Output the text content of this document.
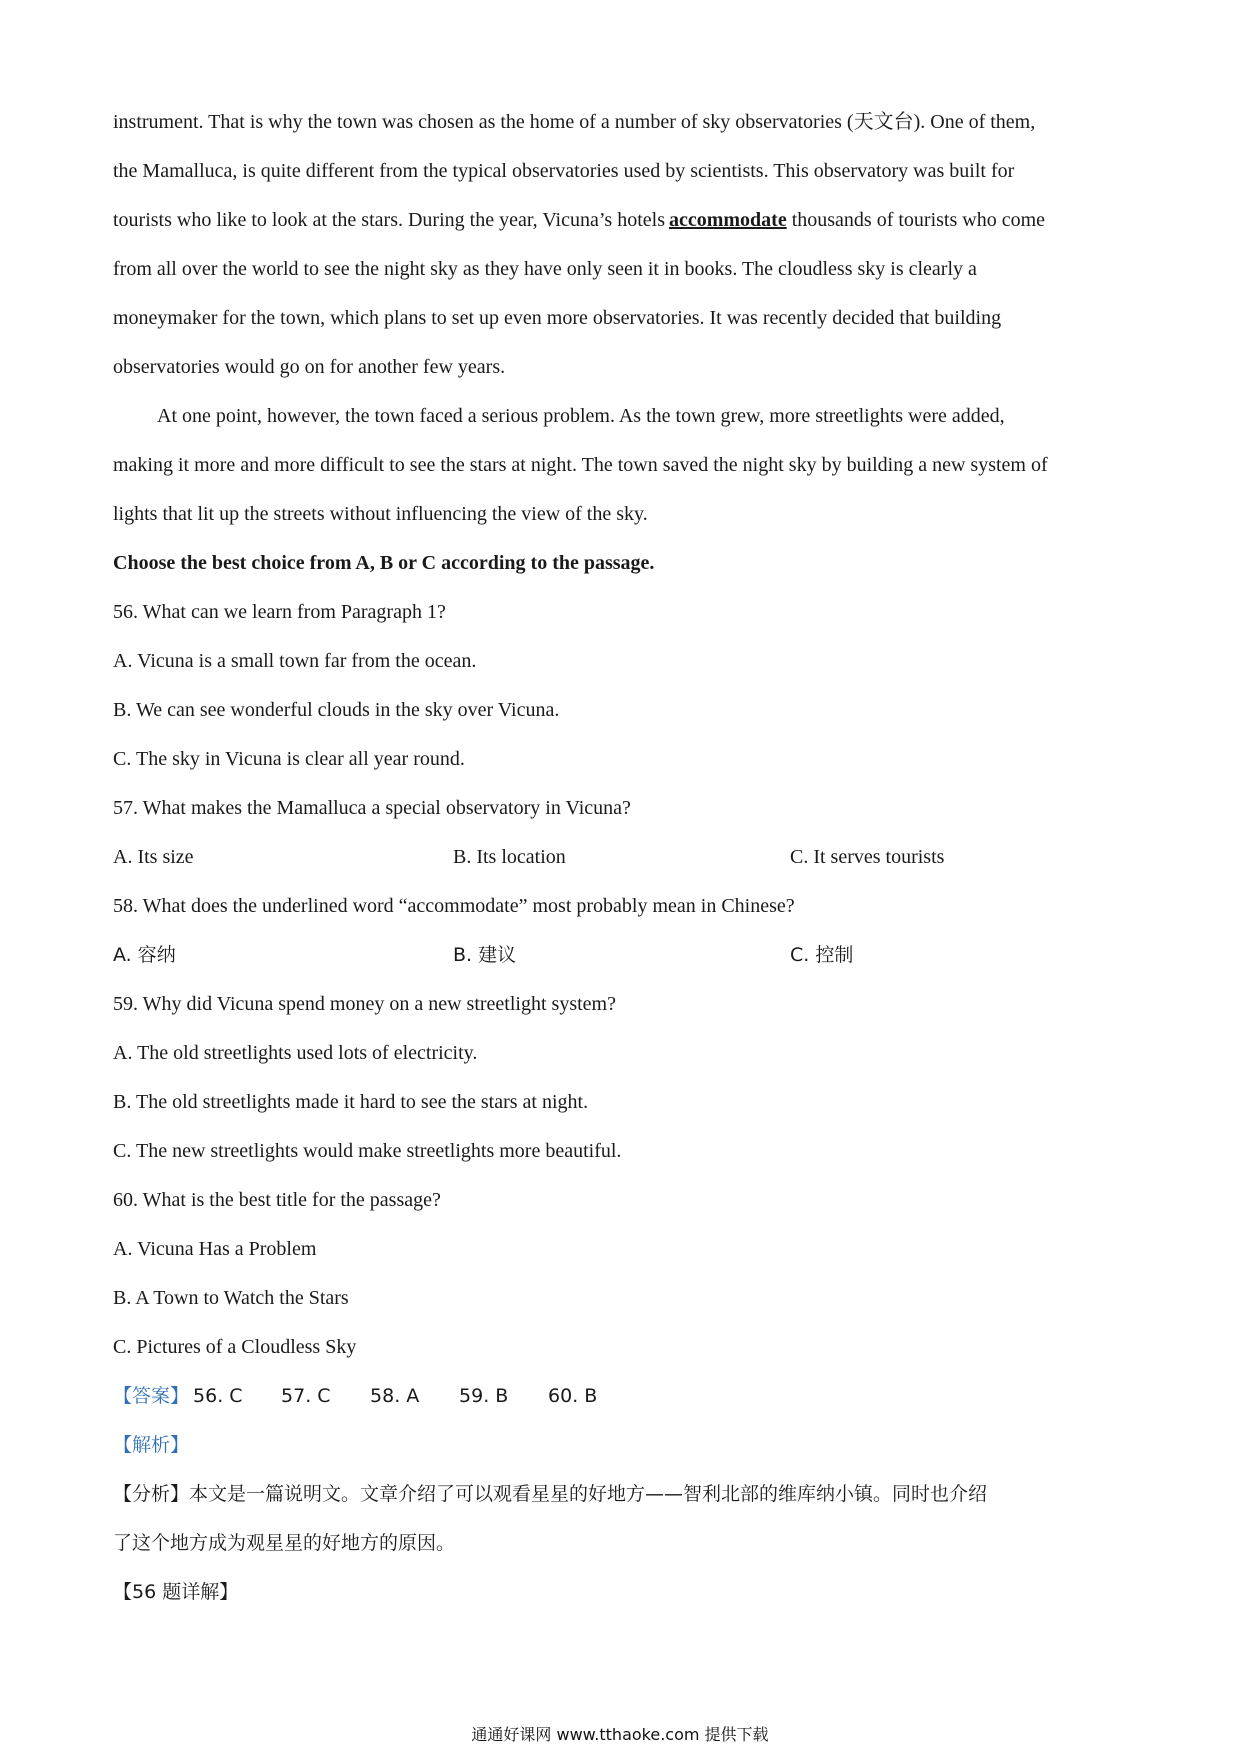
instrument. That is why the town was chosen as the home of a number of sky observatories (天文台). One of them,
the Mamalluca, is quite different from the typical observatories used by scientists. This observatory was built for
tourists who like to look at the stars. During the year, Vicuna’s hotels accommodate thousands of tourists who come
from all over the world to see the night sky as they have only seen it in books. The cloudless sky is clearly a
moneymaker for the town, which plans to set up even more observatories. It was recently decided that building
observatories would go on for another few years.
At one point, however, the town faced a serious problem. As the town grew, more streetlights were added,
making it more and more difficult to see the stars at night. The town saved the night sky by building a new system of
lights that lit up the streets without influencing the view of the sky.
Choose the best choice from A, B or C according to the passage.
56. What can we learn from Paragraph 1?
A. Vicuna is a small town far from the ocean.
B. We can see wonderful clouds in the sky over Vicuna.
C. The sky in Vicuna is clear all year round.
57. What makes the Mamalluca a special observatory in Vicuna?
A. Its size	B. Its location	C. It serves tourists
58. What does the underlined word “accommodate” most probably mean in Chinese?
A. 容纳	B. 建议	C. 控制
59. Why did Vicuna spend money on a new streetlight system?
A. The old streetlights used lots of electricity.
B. The old streetlights made it hard to see the stars at night.
C. The new streetlights would make streetlights more beautiful.
60. What is the best title for the passage?
A. Vicuna Has a Problem
B. A Town to Watch the Stars
C. Pictures of a Cloudless Sky
【答案】 56. C 57. C 58. A 59. B 60. B
【解析】
【分析】本文是一篇说明文。文章介绍了可以观看星星的好地方——智利北部的维库纳小镇。同时也介绍
了这个地方成为观星星的好地方的原因。
【56 题详解】
通通好课网 www.tthaoke.com 提供下载
